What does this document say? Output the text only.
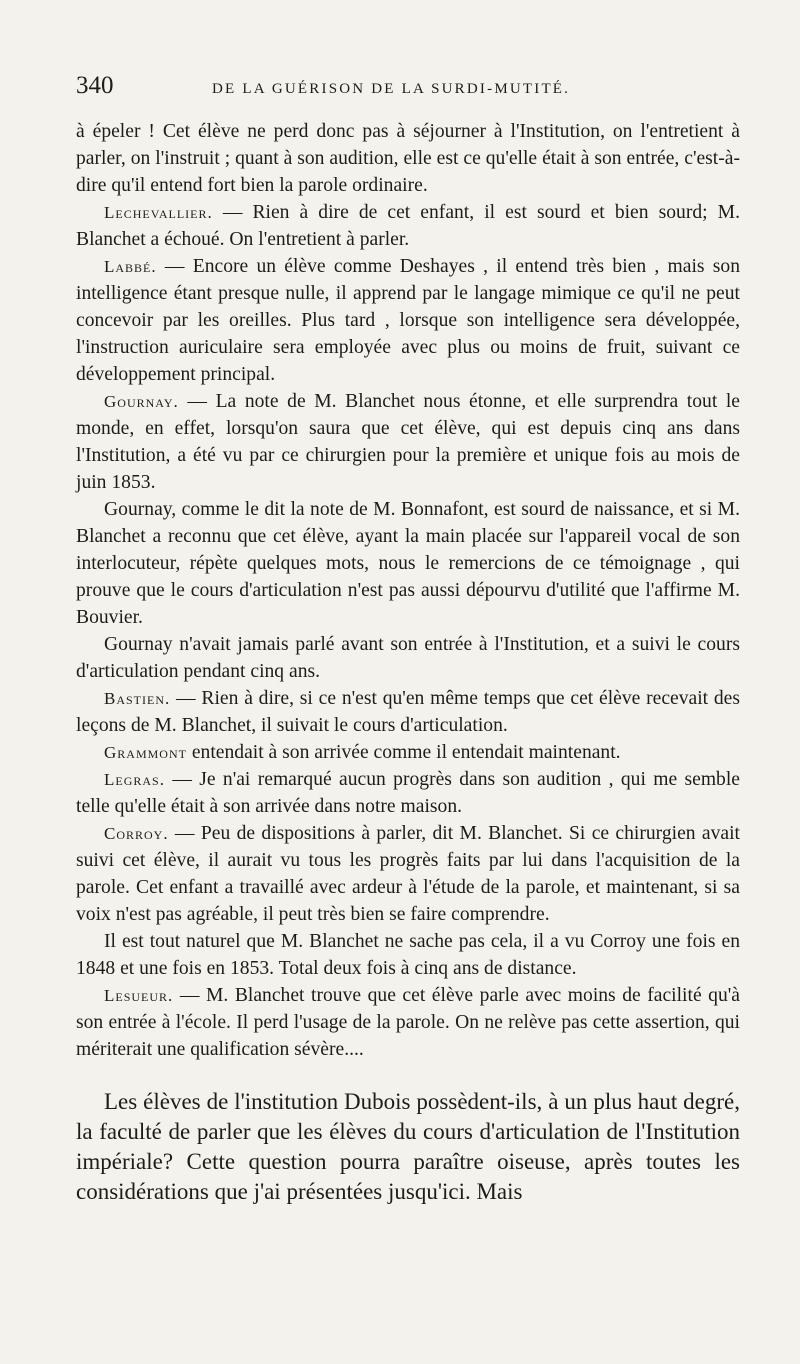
340	DE LA GUÉRISON DE LA SURDI-MUTITÉ.

à épeler ! Cet élève ne perd donc pas à séjourner à l'Institution, on l'entretient à parler, on l'instruit ; quant à son audition, elle est ce qu'elle était à son entrée, c'est-à-dire qu'il entend fort bien la parole ordinaire.

Lechevallier. — Rien à dire de cet enfant, il est sourd et bien sourd; M. Blanchet a échoué. On l'entretient à parler.

Labbé. — Encore un élève comme Deshayes , il entend très bien , mais son intelligence étant presque nulle, il apprend par le langage mimique ce qu'il ne peut concevoir par les oreilles. Plus tard , lorsque son intelligence sera développée, l'instruction auriculaire sera employée avec plus ou moins de fruit, suivant ce développement principal.

Gournay. — La note de M. Blanchet nous étonne, et elle surprendra tout le monde, en effet, lorsqu'on saura que cet élève, qui est depuis cinq ans dans l'Institution, a été vu par ce chirurgien pour la première et unique fois au mois de juin 1853.

Gournay, comme le dit la note de M. Bonnafont, est sourd de naissance, et si M. Blanchet a reconnu que cet élève, ayant la main placée sur l'appareil vocal de son interlocuteur, répète quelques mots, nous le remercions de ce témoignage , qui prouve que le cours d'articulation n'est pas aussi dépourvu d'utilité que l'affirme M. Bouvier.

Gournay n'avait jamais parlé avant son entrée à l'Institution, et a suivi le cours d'articulation pendant cinq ans.

Bastien. — Rien à dire, si ce n'est qu'en même temps que cet élève recevait des leçons de M. Blanchet, il suivait le cours d'articulation.

Grammont entendait à son arrivée comme il entendait maintenant.

Legras. — Je n'ai remarqué aucun progrès dans son audition , qui me semble telle qu'elle était à son arrivée dans notre maison.

Corroy. — Peu de dispositions à parler, dit M. Blanchet. Si ce chirurgien avait suivi cet élève, il aurait vu tous les progrès faits par lui dans l'acquisition de la parole. Cet enfant a travaillé avec ardeur à l'étude de la parole, et maintenant, si sa voix n'est pas agréable, il peut très bien se faire comprendre.

Il est tout naturel que M. Blanchet ne sache pas cela, il a vu Corroy une fois en 1848 et une fois en 1853. Total deux fois à cinq ans de distance.

Lesueur. — M. Blanchet trouve que cet élève parle avec moins de facilité qu'à son entrée à l'école. Il perd l'usage de la parole. On ne relève pas cette assertion, qui mériterait une qualification sévère....

Les élèves de l'institution Dubois possèdent-ils, à un plus haut degré, la faculté de parler que les élèves du cours d'articulation de l'Institution impériale? Cette question pourra paraître oiseuse, après toutes les considérations que j'ai présentées jusqu'ici. Mais
